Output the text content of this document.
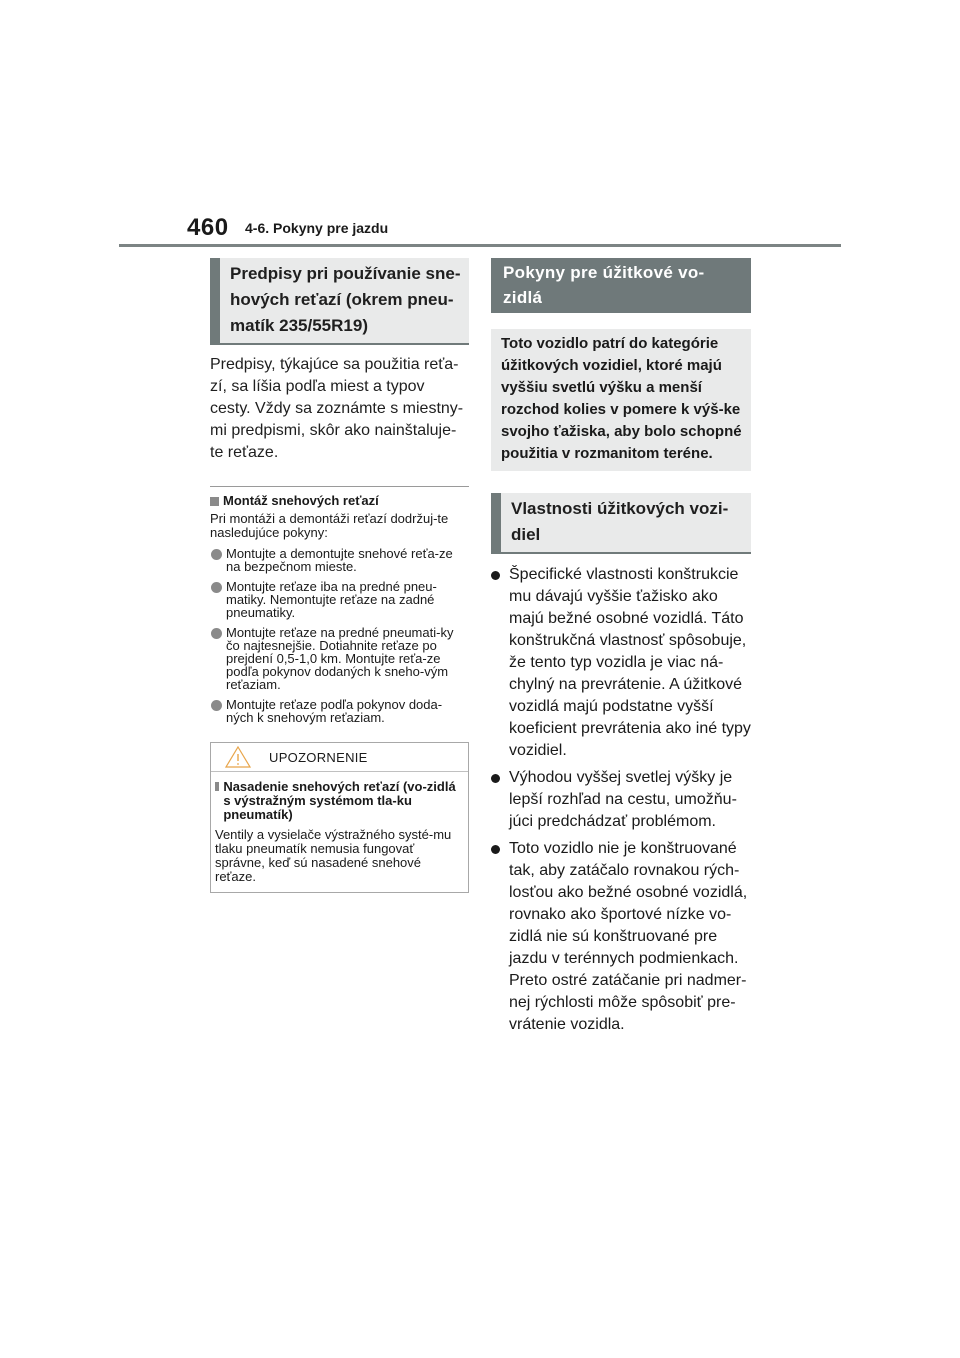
460 4-6. Pokyny pre jazdu
Predpisy pri používanie sne-hových reťazí (okrem pneu-matík 235/55R19)

Predpisy, týkajúce sa použitia reťa-zí, sa líšia podľa miest a typov cesty. Vždy sa zoznámte s miestny-mi predpismi, skôr ako nainštaluje-te reťaze.

Montáž snehových reťazí
Pri montáži a demontáži reťazí dodržuj-te nasledujúce pokyny:
Montujte a demontujte snehové reťa-ze na bezpečnom mieste.
Montujte reťaze iba na predné pneu-matiky. Nemontujte reťaze na zadné pneumatiky.
Montujte reťaze na predné pneumati-ky čo najtesnejšie. Dotiahnite reťaze po prejdení 0,5-1,0 km. Montujte reťa-ze podľa pokynov dodaných k sneho-vým reťaziam.
Montujte reťaze podľa pokynov doda-ných k snehovým reťaziam.
UPOZORNENIE
Nasadenie snehových reťazí (vo-zidlá s výstražným systémom tla-ku pneumatík)
Ventily a vysielače výstražného systé-mu tlaku pneumatík nemusia fungovať správne, keď sú nasadené snehové reťaze.
Pokyny pre úžitkové vo-zidlá
Toto vozidlo patrí do kategórie úžitkových vozidiel, ktoré majú vyššiu svetlú výšku a menší rozchod kolies v pomere k výš-ke svojho ťažiska, aby bolo schopné použitia v rozmanitom teréne.
Vlastnosti úžitkových vozi-diel
Špecifické vlastnosti konštrukcie mu dávajú vyššie ťažisko ako majú bežné osobné vozidlá. Táto konštrukčná vlastnosť spôsobuje, že tento typ vozidla je viac ná-chylný na prevrátenie. A úžitkové vozidlá majú podstatne vyšší koeficient prevrátenia ako iné typy vozidiel.
Výhodou vyššej svetlej výšky je lepší rozhľad na cestu, umožňu-júci predchádzať problémom.
Toto vozidlo nie je konštruované tak, aby zatáčalo rovnakou rých-losťou ako bežné osobné vozidlá, rovnako ako športové nízke vo-zidlá nie sú konštruované pre jazdu v terénnych podmienkach. Preto ostré zatáčanie pri nadmer-nej rýchlosti môže spôsobiť pre-vrátenie vozidla.
